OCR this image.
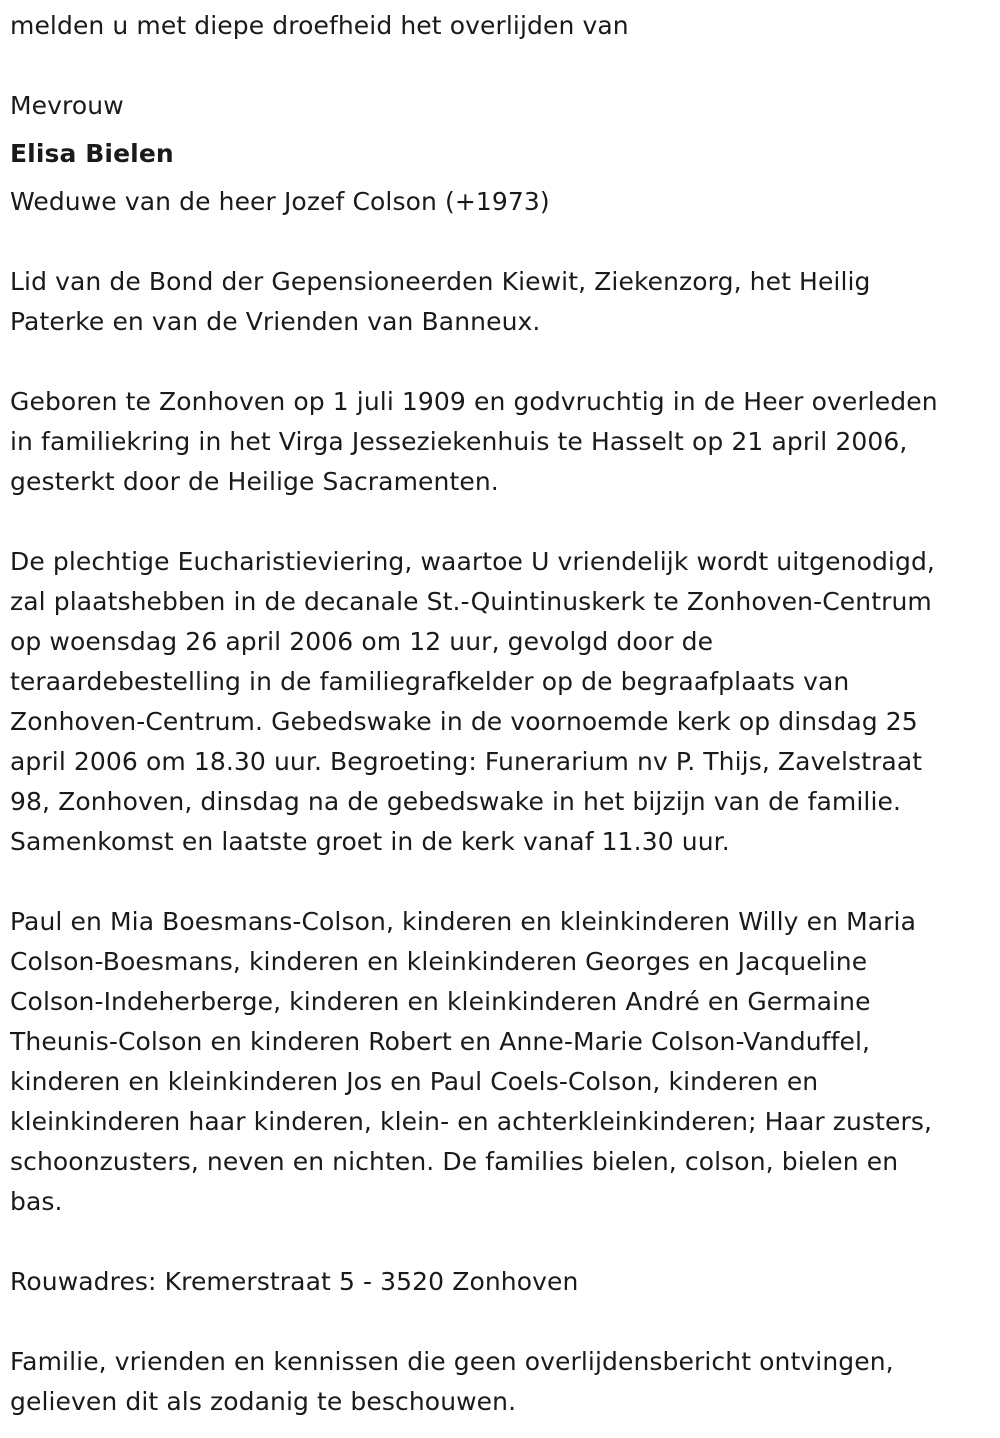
melden u met diepe droefheid het overlijden van
Mevrouw
Elisa Bielen
Weduwe van de heer Jozef Colson (+1973)
Lid van de Bond der Gepensioneerden Kiewit, Ziekenzorg, het Heilig
Paterke en van de Vrienden van Banneux.
Geboren te Zonhoven op 1 juli 1909 en godvruchtig in de Heer overleden
in familiekring in het Virga Jesseziekenhuis te Hasselt op 21 april 2006,
gesterkt door de Heilige Sacramenten.
De plechtige Eucharistieviering, waartoe U vriendelijk wordt uitgenodigd,
zal plaatshebben in de decanale St.-Quintinuskerk te Zonhoven-Centrum
op woensdag 26 april 2006 om 12 uur, gevolgd door de
teraardebestelling in de familiegrafkelder op de begraafplaats van
Zonhoven-Centrum. Gebedswake in de voornoemde kerk op dinsdag 25
april 2006 om 18.30 uur. Begroeting: Funerarium nv P. Thijs, Zavelstraat
98, Zonhoven, dinsdag na de gebedswake in het bijzijn van de familie.
Samenkomst en laatste groet in de kerk vanaf 11.30 uur.
Paul en Mia Boesmans-Colson, kinderen en kleinkinderen Willy en Maria
Colson-Boesmans, kinderen en kleinkinderen Georges en Jacqueline
Colson-Indeherberge, kinderen en kleinkinderen André en Germaine
Theunis-Colson en kinderen Robert en Anne-Marie Colson-Vanduffel,
kinderen en kleinkinderen Jos en Paul Coels-Colson, kinderen en
kleinkinderen haar kinderen, klein- en achterkleinkinderen; Haar zusters,
schoonzusters, neven en nichten. De families bielen, colson, bielen en
bas.
Rouwadres: Kremerstraat 5 - 3520 Zonhoven
Familie, vrienden en kennissen die geen overlijdensbericht ontvingen,
gelieven dit als zodanig te beschouwen.
